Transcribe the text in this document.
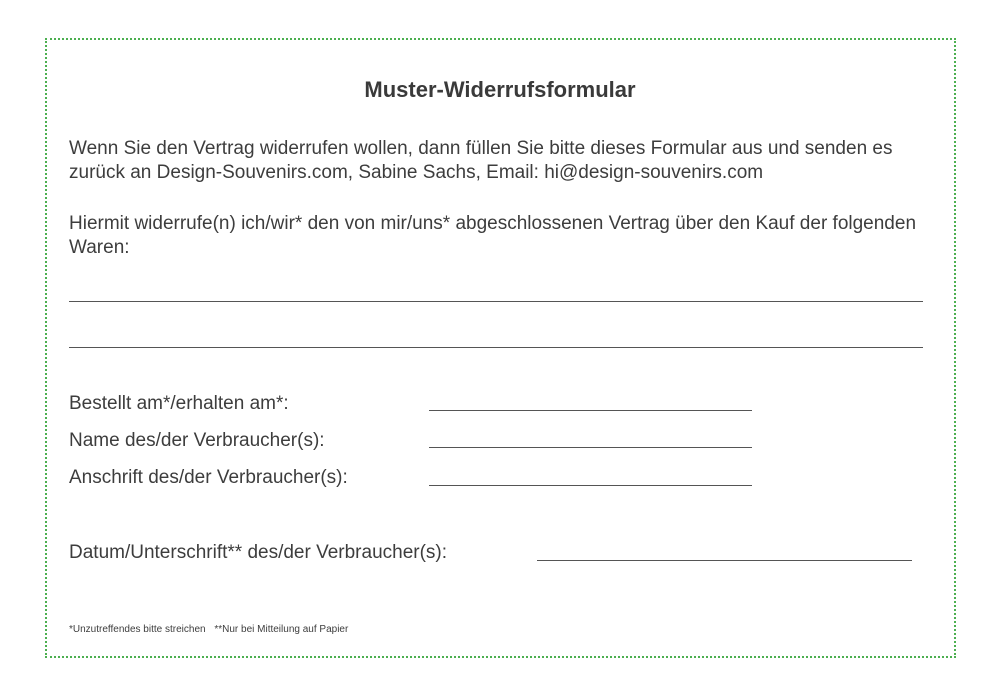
Muster-Widerrufsformular

Wenn Sie den Vertrag widerrufen wollen, dann füllen Sie bitte dieses Formular aus und senden es zurück an Design-Souvenirs.com, Sabine Sachs, Email: hi@design-souvenirs.com

Hiermit widerrufe(n) ich/wir* den von mir/uns* abgeschlossenen Vertrag über den Kauf der folgenden Waren:

Bestellt am*/erhalten am*:
Name des/der Verbraucher(s):
Anschrift des/der Verbraucher(s):
Datum/Unterschrift** des/der Verbraucher(s):
*Unzutreffendes bitte streichen **Nur bei Mitteilung auf Papier
